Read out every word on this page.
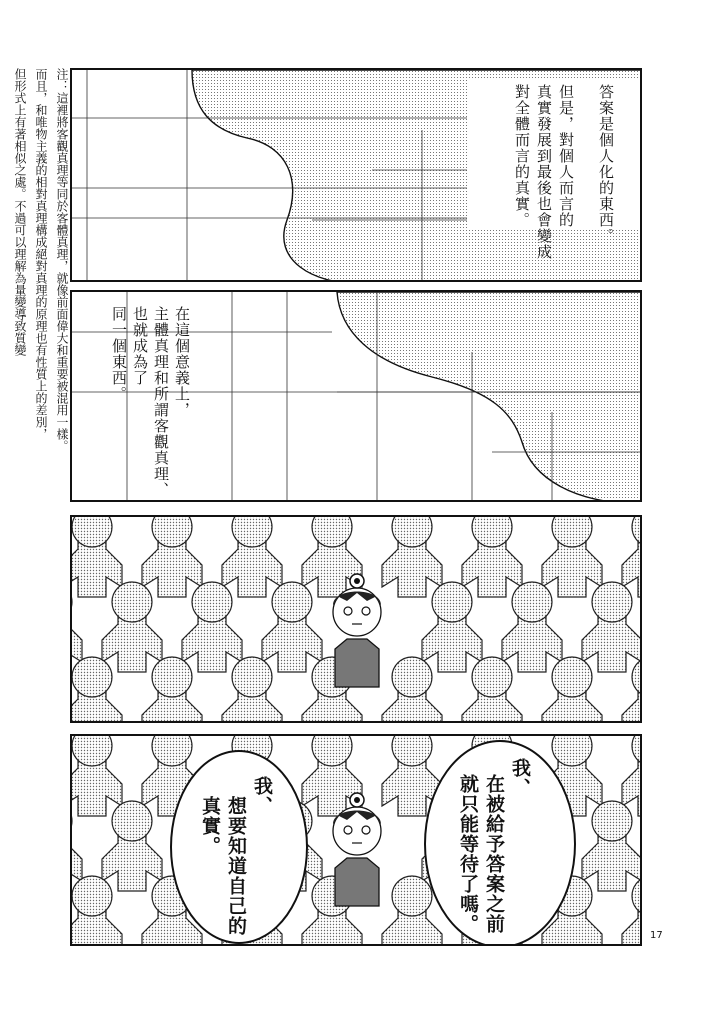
注：這裡將客觀真理等同於客體真理，就像前面偉大和重要被混用一樣。
而且，和唯物主義的相對真理構成絕對真理的原理也有性質上的差別，
但形式上有著相似之處。不過可以理解為量變導致質變	答案是個人化的東西。
但是，對個人而言的
真實發展到最後也會變成
對全體而言的真實。
在這個意義上，
主體真理和所謂客觀真理、
也就成為了
同一個東西。
我、
想要知道自己的
真實。
我、
在被給予答案之前
就只能等待了嗎。
17
